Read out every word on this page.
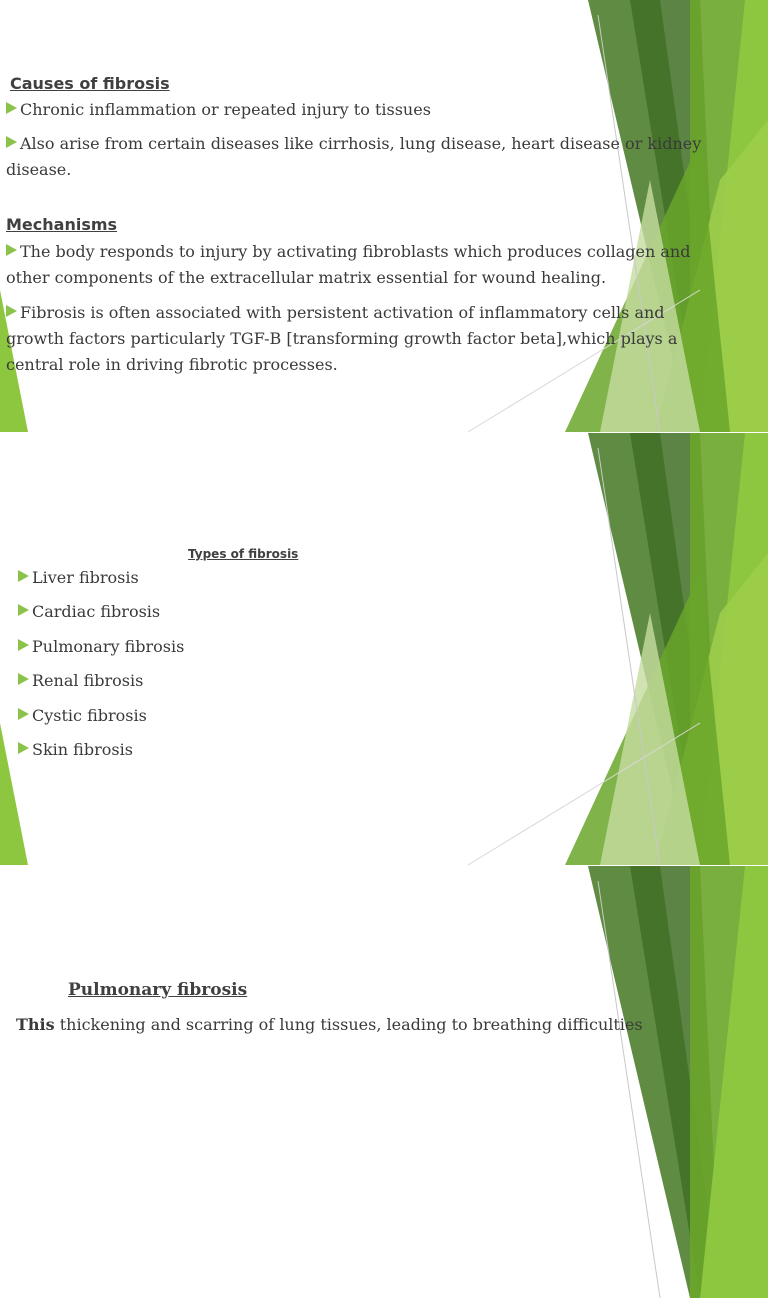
Causes of fibrosis
Chronic inflammation or repeated injury to tissues
Also arise from certain diseases like cirrhosis, lung disease, heart disease or kidney disease.
Mechanisms
The body responds to injury by activating fibroblasts which produces collagen and other components of the extracellular matrix essential for wound healing.
Fibrosis is often associated with persistent activation of inflammatory cells and growth factors particularly TGF-B [transforming growth factor beta],which plays a central role in driving fibrotic processes.
Types of fibrosis
Liver fibrosis
Cardiac fibrosis
Pulmonary fibrosis
Renal fibrosis
Cystic fibrosis
Skin fibrosis
Pulmonary fibrosis
This thickening and scarring of lung tissues, leading to breathing difficulties
